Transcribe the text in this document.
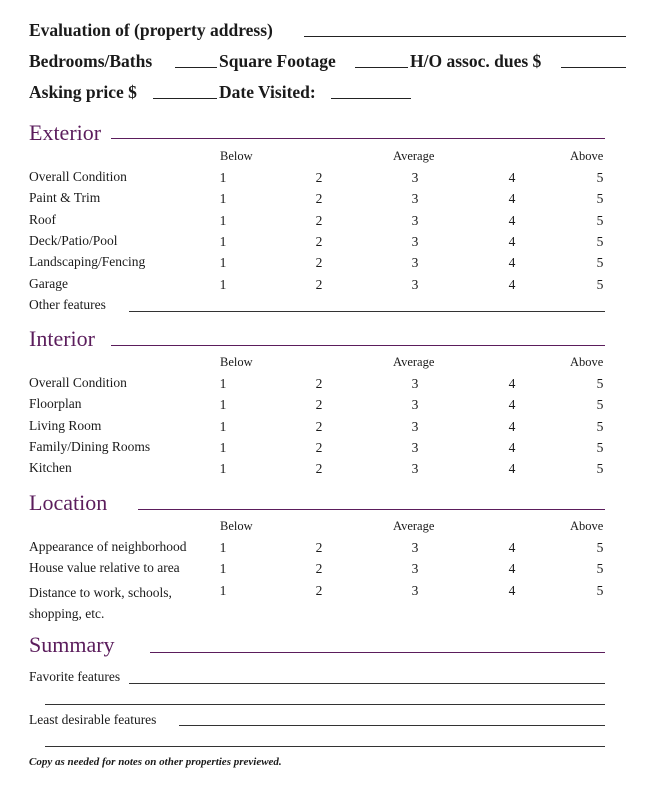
Evaluation of (property address)
Bedrooms/Baths	Square Footage	H/O assoc. dues $
Asking price $	Date Visited:
Exterior
Below	Average	Above
Overall Condition	1	2	3	4	5
Paint & Trim	1	2	3	4	5
Roof	1	2	3	4	5
Deck/Patio/Pool	1	2	3	4	5
Landscaping/Fencing	1	2	3	4	5
Garage	1	2	3	4	5
Other features
Interior
Below	Average	Above
Overall Condition	1	2	3	4	5
Floorplan	1	2	3	4	5
Living Room	1	2	3	4	5
Family/Dining Rooms	1	2	3	4	5
Kitchen	1	2	3	4	5
Location
Below	Average	Above
Appearance of neighborhood	1	2	3	4	5
House value relative to area	1	2	3	4	5
Distance to work, schools, shopping, etc.
1	2	3	4	5
Summary
Favorite features
Least desirable features
Copy as needed for notes on other properties previewed.
